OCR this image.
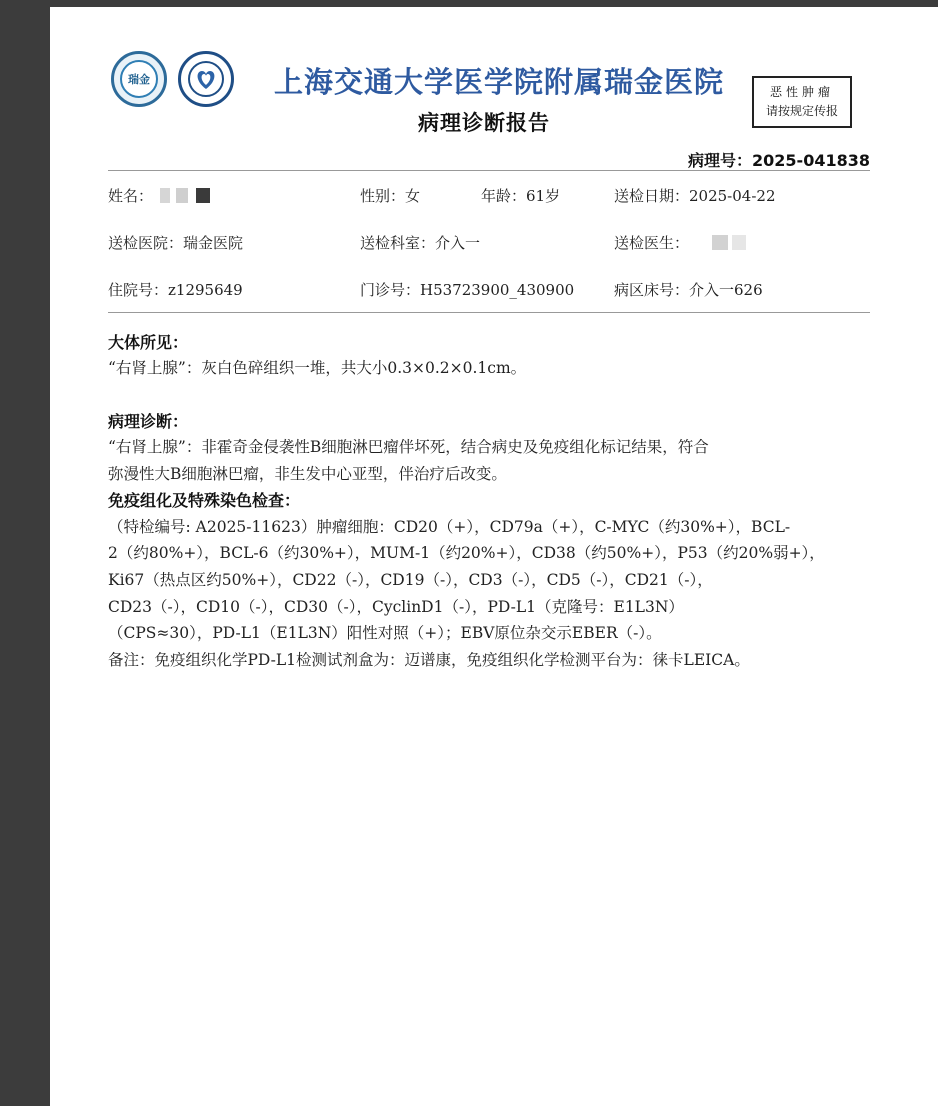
瑞金	上海交通大学医学院附属瑞金医院
病理诊断报告
恶性肿瘤
请按规定传报
病理号：2025-041838
姓名：	性别：女	年龄：61岁	送检日期：2025-04-22
送检医院：瑞金医院	送检科室：介入一	送检医生：
住院号：z1295649	门诊号：H53723900_430900	病区床号：介入一626
大体所见：
“右肾上腺”：灰白色碎组织一堆，共大小0.3×0.2×0.1cm。
病理诊断：
“右肾上腺”：非霍奇金侵袭性B细胞淋巴瘤伴坏死，结合病史及免疫组化标记结果，符合
弥漫性大B细胞淋巴瘤，非生发中心亚型，伴治疗后改变。
免疫组化及特殊染色检查：
（特检编号: A2025-11623）肿瘤细胞：CD20（+），CD79a（+），C-MYC（约30%+），BCL-
2（约80%+），BCL-6（约30%+），MUM-1（约20%+），CD38（约50%+），P53（约20%弱+），
Ki67（热点区约50%+），CD22（-），CD19（-），CD3（-），CD5（-），CD21（-），
CD23（-），CD10（-），CD30（-），CyclinD1（-），PD-L1（克隆号：E1L3N）
（CPS≈30），PD-L1（E1L3N）阳性对照（+）；EBV原位杂交示EBER（-）。
备注：免疫组织化学PD-L1检测试剂盒为：迈谱康，免疫组织化学检测平台为：徕卡LEICA。
